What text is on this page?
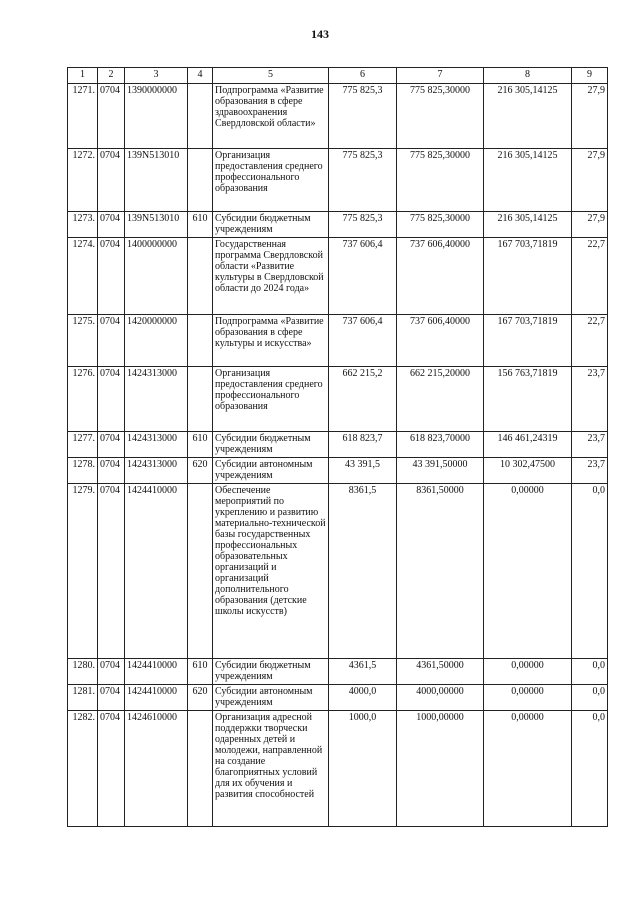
143
1	2	3	4	5	6	7	8	9
1271.	0704	1390000000		Подпрограмма «Развитие образования в сфере здравоохранения Свердловской области»	775 825,3	775 825,30000	216 305,14125	27,9
1272.	0704	139N513010		Организация предоставления среднего профессионального образования	775 825,3	775 825,30000	216 305,14125	27,9
1273.	0704	139N513010	610	Субсидии бюджетным учреждениям	775 825,3	775 825,30000	216 305,14125	27,9
1274.	0704	1400000000		Государственная программа Свердловской области «Развитие культуры в Свердловской области до 2024 года»	737 606,4	737 606,40000	167 703,71819	22,7
1275.	0704	1420000000		Подпрограмма «Развитие образования в сфере культуры и искусства»	737 606,4	737 606,40000	167 703,71819	22,7
1276.	0704	1424313000		Организация предоставления среднего профессионального образования	662 215,2	662 215,20000	156 763,71819	23,7
1277.	0704	1424313000	610	Субсидии бюджетным учреждениям	618 823,7	618 823,70000	146 461,24319	23,7
1278.	0704	1424313000	620	Субсидии автономным учреждениям	43 391,5	43 391,50000	10 302,47500	23,7
1279.	0704	1424410000		Обеспечение мероприятий по укреплению и развитию материально-технической базы государственных профессиональных образовательных организаций и организаций дополнительного образования (детские школы искусств)	8361,5	8361,50000	0,00000	0,0
1280.	0704	1424410000	610	Субсидии бюджетным учреждениям	4361,5	4361,50000	0,00000	0,0
1281.	0704	1424410000	620	Субсидии автономным учреждениям	4000,0	4000,00000	0,00000	0,0
1282.	0704	1424610000		Организация адресной поддержки творчески одаренных детей и молодежи, направленной на создание благоприятных условий для их обучения и развития способностей	1000,0	1000,00000	0,00000	0,0
